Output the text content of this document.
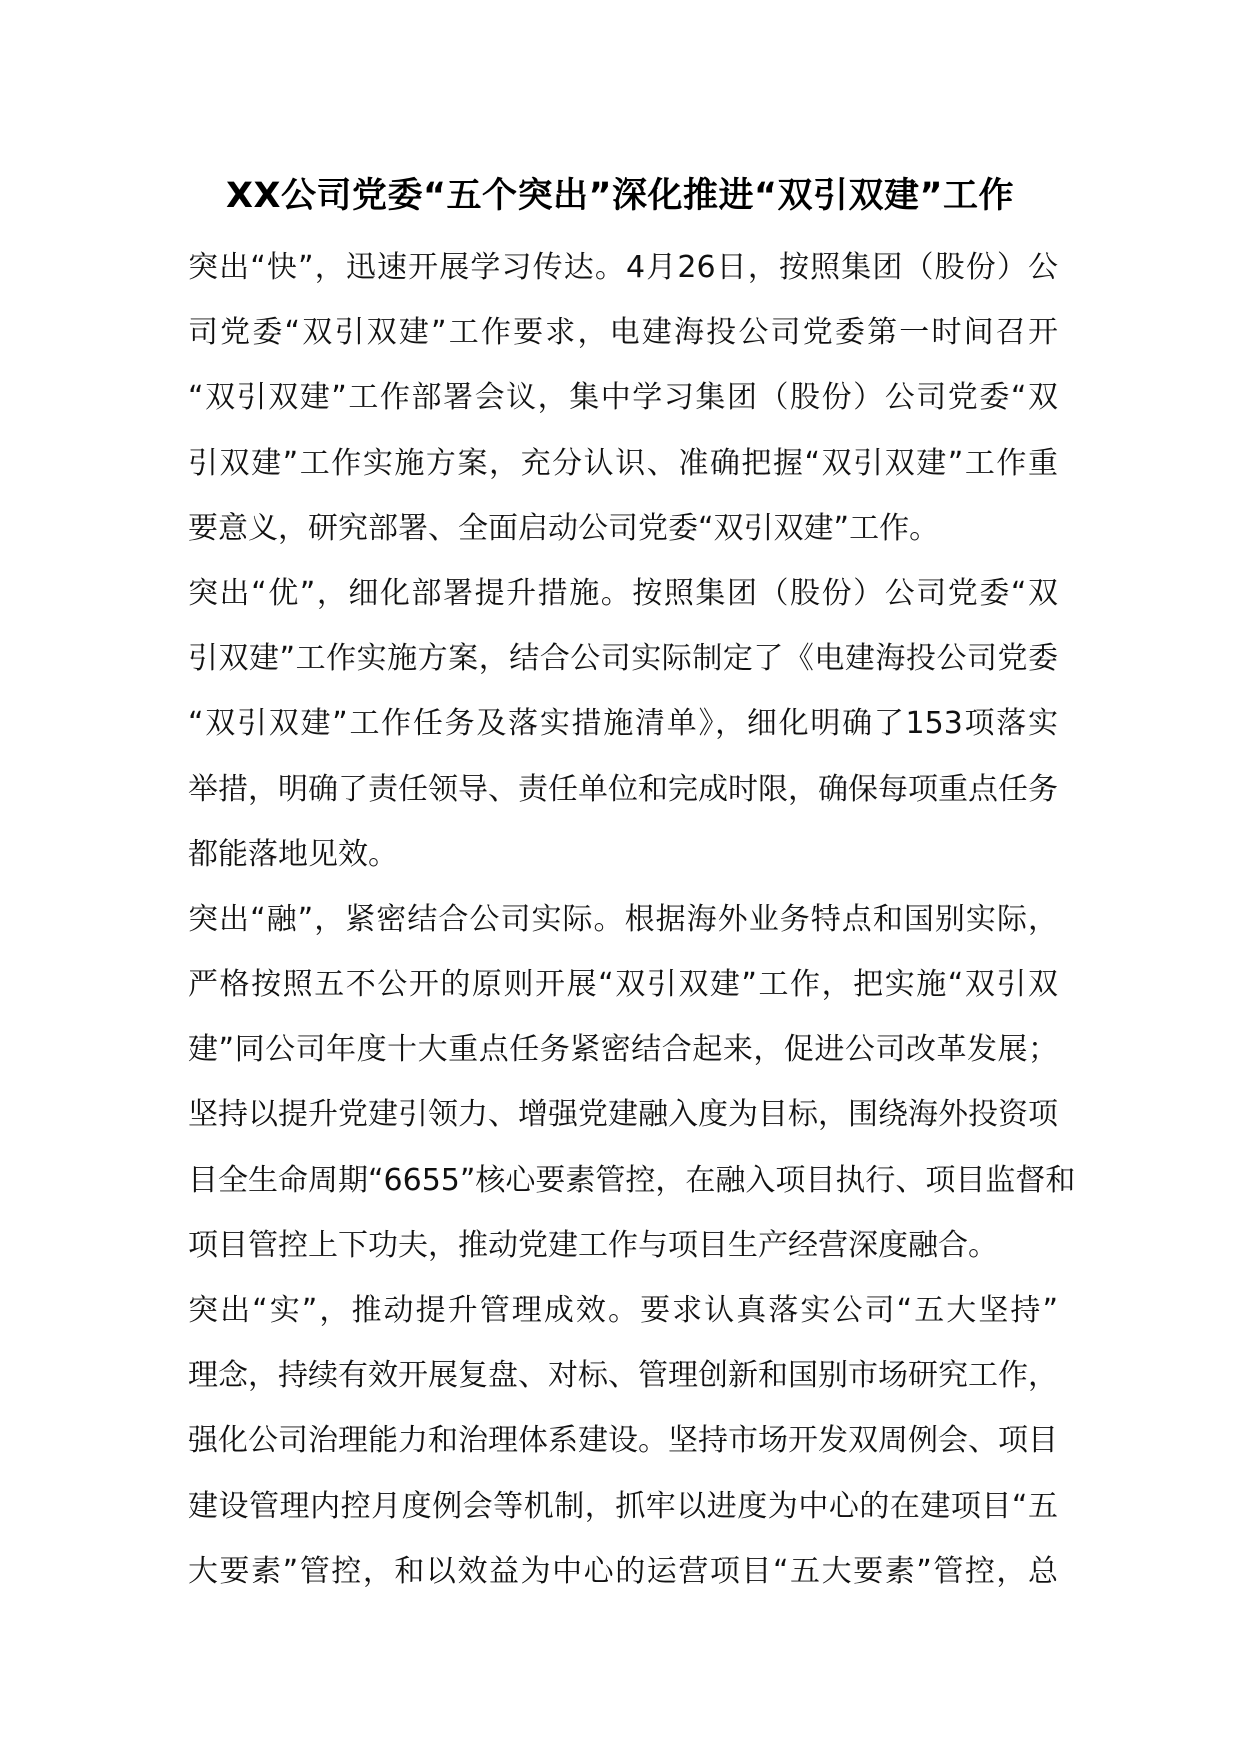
XX公司党委“五个突出”深化推进“双引双建”工作
突出“快”，迅速开展学习传达。4月26日，按照集团（股份）公
司党委“双引双建”工作要求，电建海投公司党委第一时间召开
“双引双建”工作部署会议，集中学习集团（股份）公司党委“双
引双建”工作实施方案，充分认识、准确把握“双引双建”工作重
要意义，研究部署、全面启动公司党委“双引双建”工作。
突出“优”，细化部署提升措施。按照集团（股份）公司党委“双
引双建”工作实施方案，结合公司实际制定了《电建海投公司党委
“双引双建”工作任务及落实措施清单》，细化明确了153项落实
举措，明确了责任领导、责任单位和完成时限，确保每项重点任务
都能落地见效。
突出“融”，紧密结合公司实际。根据海外业务特点和国别实际，
严格按照五不公开的原则开展“双引双建”工作，把实施“双引双
建”同公司年度十大重点任务紧密结合起来，促进公司改革发展；
坚持以提升党建引领力、增强党建融入度为目标，围绕海外投资项
目全生命周期“6655”核心要素管控，在融入项目执行、项目监督和
项目管控上下功夫，推动党建工作与项目生产经营深度融合。
突出“实”，推动提升管理成效。要求认真落实公司“五大坚持”
理念，持续有效开展复盘、对标、管理创新和国别市场研究工作，
强化公司治理能力和治理体系建设。坚持市场开发双周例会、项目
建设管理内控月度例会等机制，抓牢以进度为中心的在建项目“五
大要素”管控，和以效益为中心的运营项目“五大要素”管控，总
